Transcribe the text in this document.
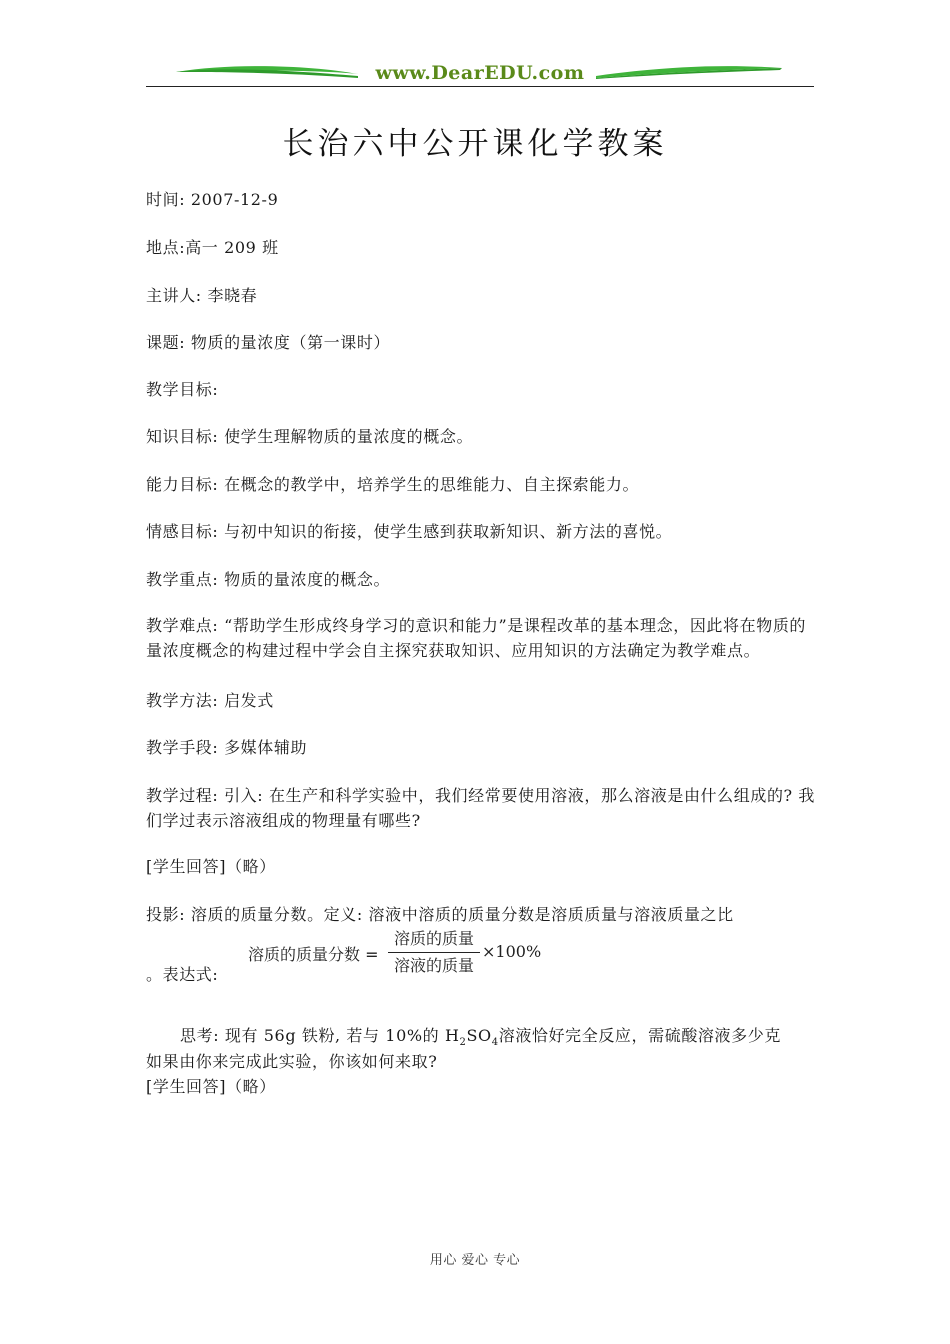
www.DearEDU.com
长治六中公开课化学教案
时间: 2007-12-9
地点:高一 209 班
主讲人: 李晓春
课题: 物质的量浓度（第一课时）
教学目标:
知识目标: 使学生理解物质的量浓度的概念。
能力目标: 在概念的教学中，培养学生的思维能力、自主探索能力。
情感目标: 与初中知识的衔接，使学生感到获取新知识、新方法的喜悦。
教学重点: 物质的量浓度的概念。
教学难点: “帮助学生形成终身学习的意识和能力”是课程改革的基本理念，因此将在物质的量浓度概念的构建过程中学会自主探究获取知识、应用知识的方法确定为教学难点。
教学方法: 启发式
教学手段: 多媒体辅助
教学过程: 引入: 在生产和科学实验中，我们经常要使用溶液，那么溶液是由什么组成的? 我们学过表示溶液组成的物理量有哪些?
[学生回答]（略）
投影: 溶质的质量分数。定义: 溶液中溶质的质量分数是溶质质量与溶液质量之比
溶质的质量分数 =
溶质的质量
溶液的质量
×100%
。表达式:
思考: 现有 56g 铁粉, 若与 10%的 $H_2SO_4$溶液恰好完全反应，需硫酸溶液多少克
如果由你来完成此实验，你该如何来取?
[学生回答]（略）
用心 爱心 专心
